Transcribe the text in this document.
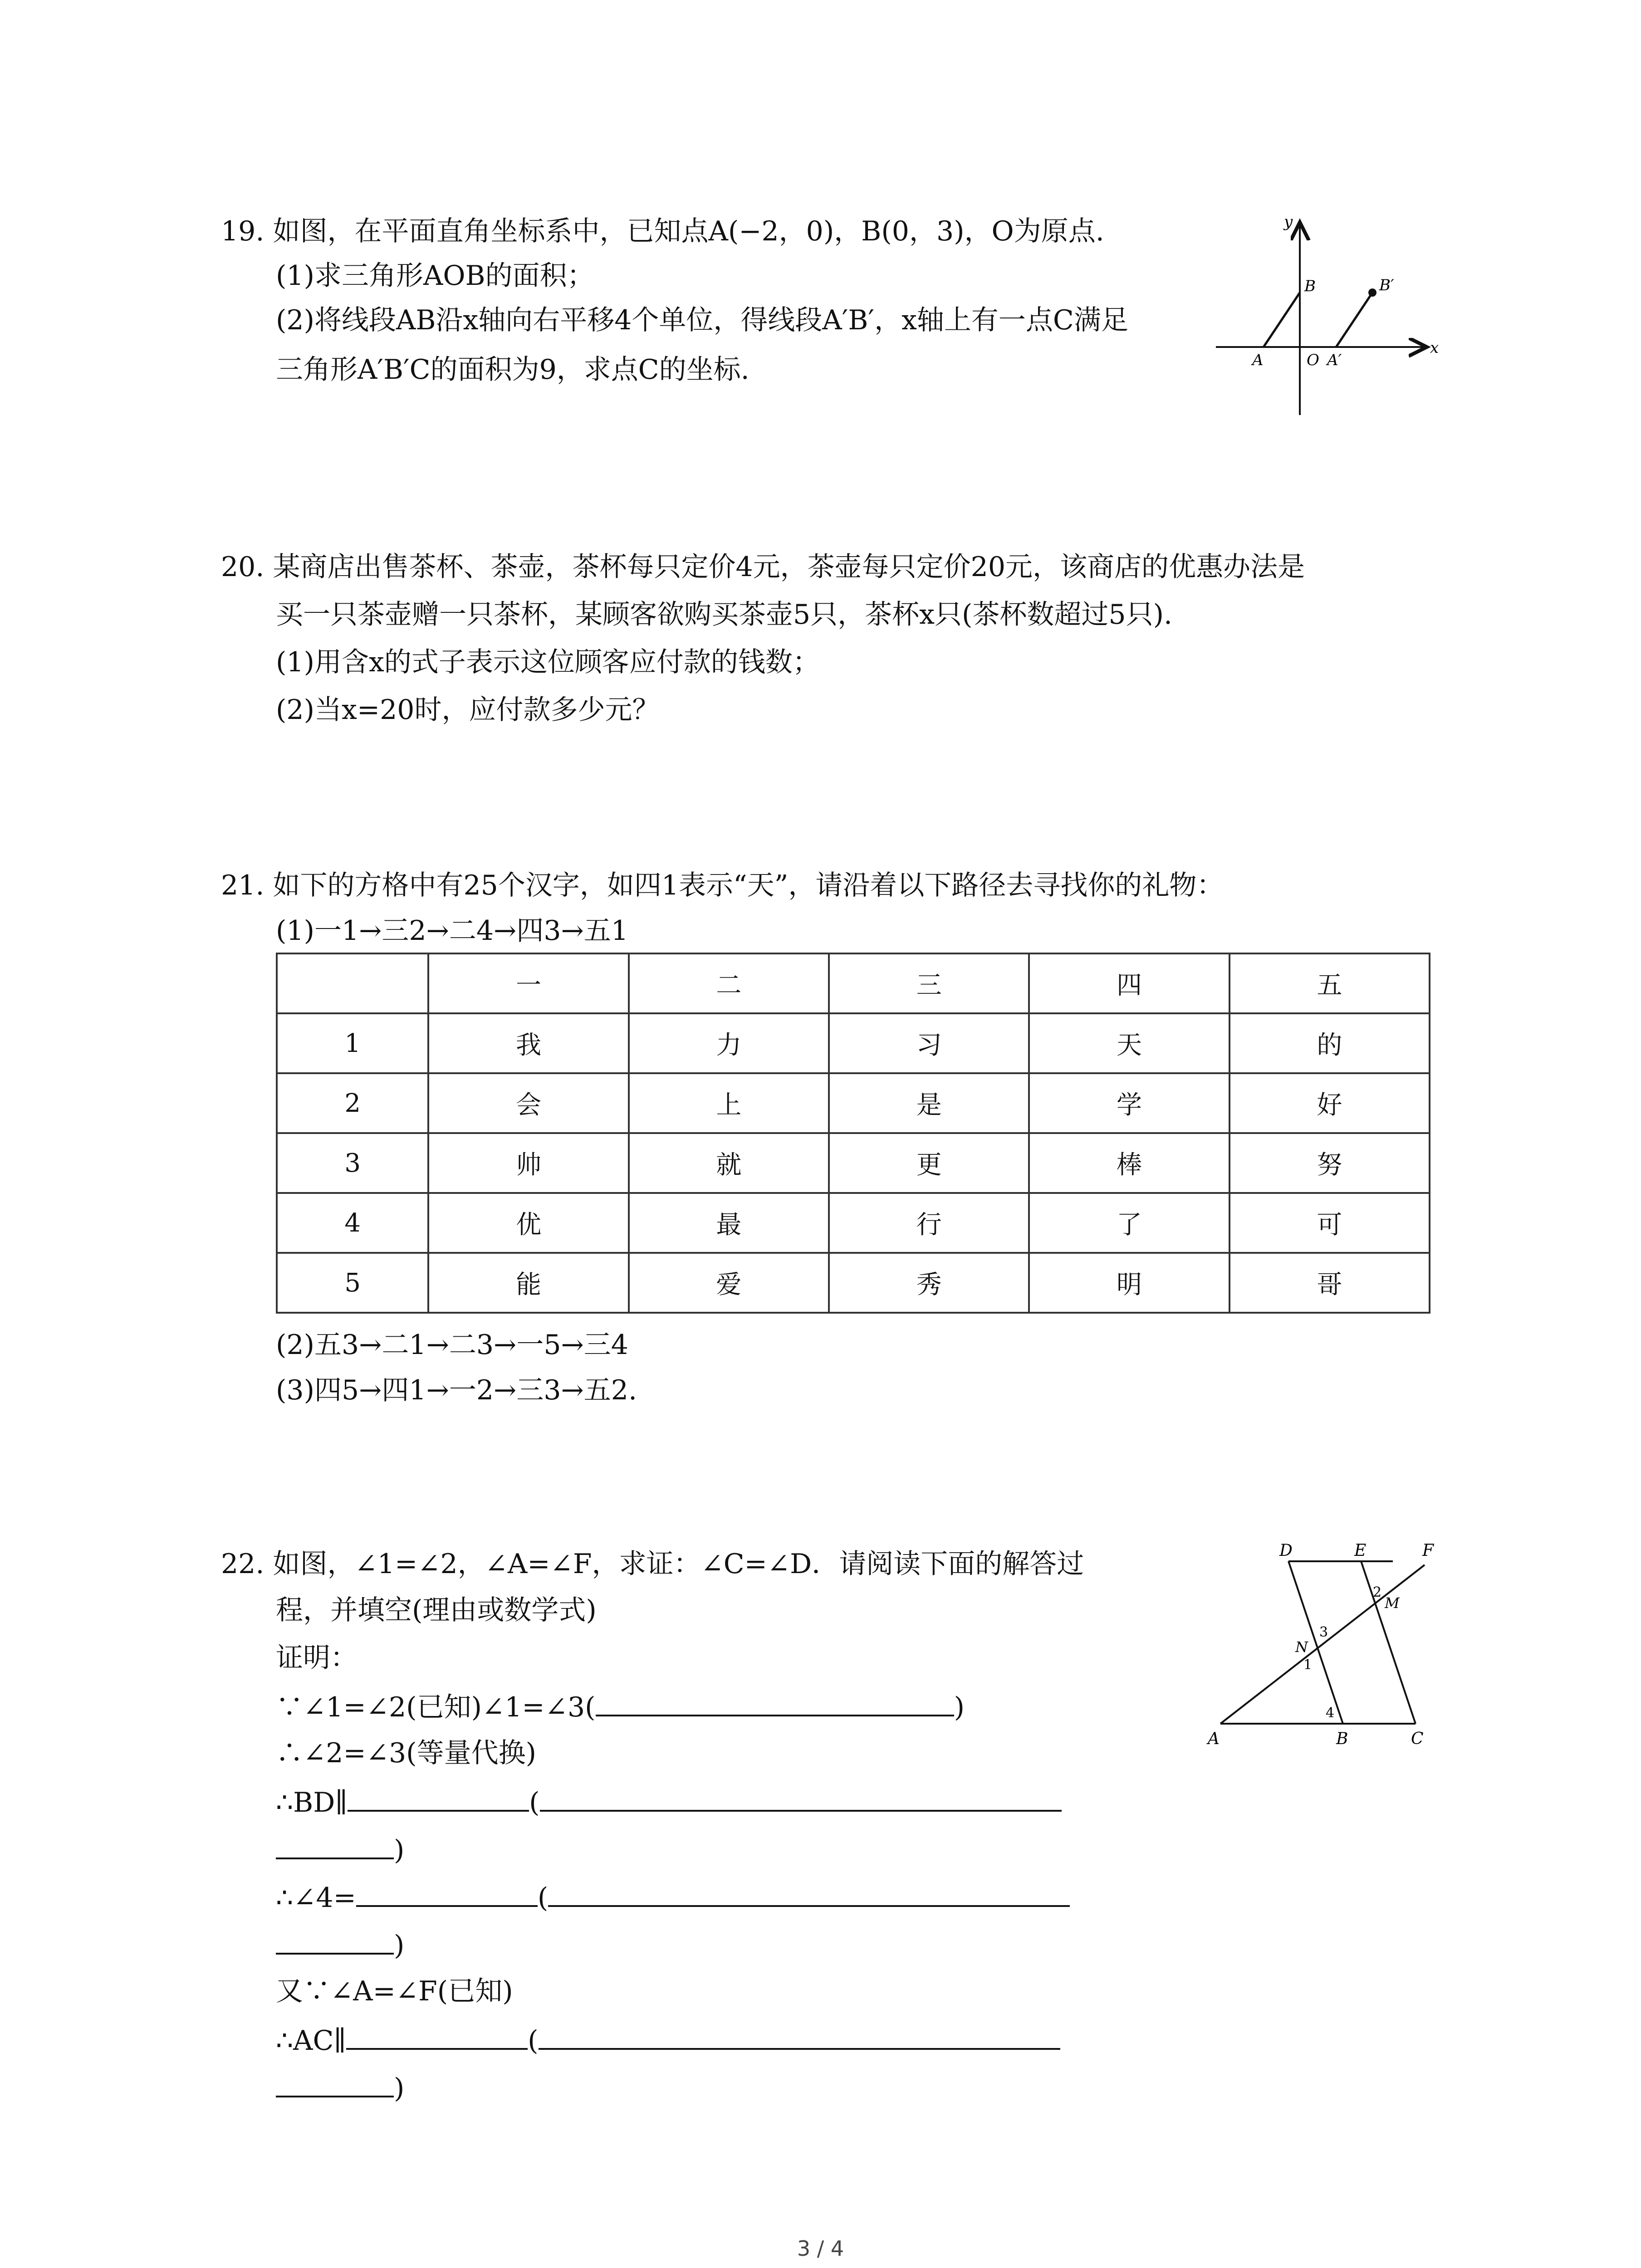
19. 如图，在平面直角坐标系中，已知点A(−2，0)，B(0，3)，O为原点.
(1)求三角形AOB的面积；
(2)将线段AB沿x轴向右平移4个单位，得线段A′B′，x轴上有一点C满足
三角形A′B′C的面积为9，求点C的坐标.
y
x
A
B
O A′
B′
20. 某商店出售茶杯、茶壶，茶杯每只定价4元，茶壶每只定价20元，该商店的优惠办法是
买一只茶壶赠一只茶杯，某顾客欲购买茶壶5只，茶杯x只(茶杯数超过5只).
(1)用含x的式子表示这位顾客应付款的钱数；
(2)当x=20时，应付款多少元？
21. 如下的方格中有25个汉字，如四1表示“天”，请沿着以下路径去寻找你的礼物：
(1)一1→三2→二4→四3→五1
	一	二	三	四	五
1	我	力	习	天	的
2	会	上	是	学	好
3	帅	就	更	棒	努
4	优	最	行	了	可
5	能	爱	秀	明	哥
(2)五3→二1→二3→一5→三4
(3)四5→四1→一2→三3→五2.
22. 如图，∠1=∠2，∠A=∠F，求证：∠C=∠D．请阅读下面的解答过
程，并填空(理由或数学式)
证明：
∵∠1=∠2(已知)∠1=∠3(	)
∴∠2=∠3(等量代换)
∴BD∥	(
)
∴∠4=	(
)
又∵∠A=∠F(已知)
∴AC∥	(
)
D	E	F
A	B	C
M
N
1
2
3
4
3 / 4
